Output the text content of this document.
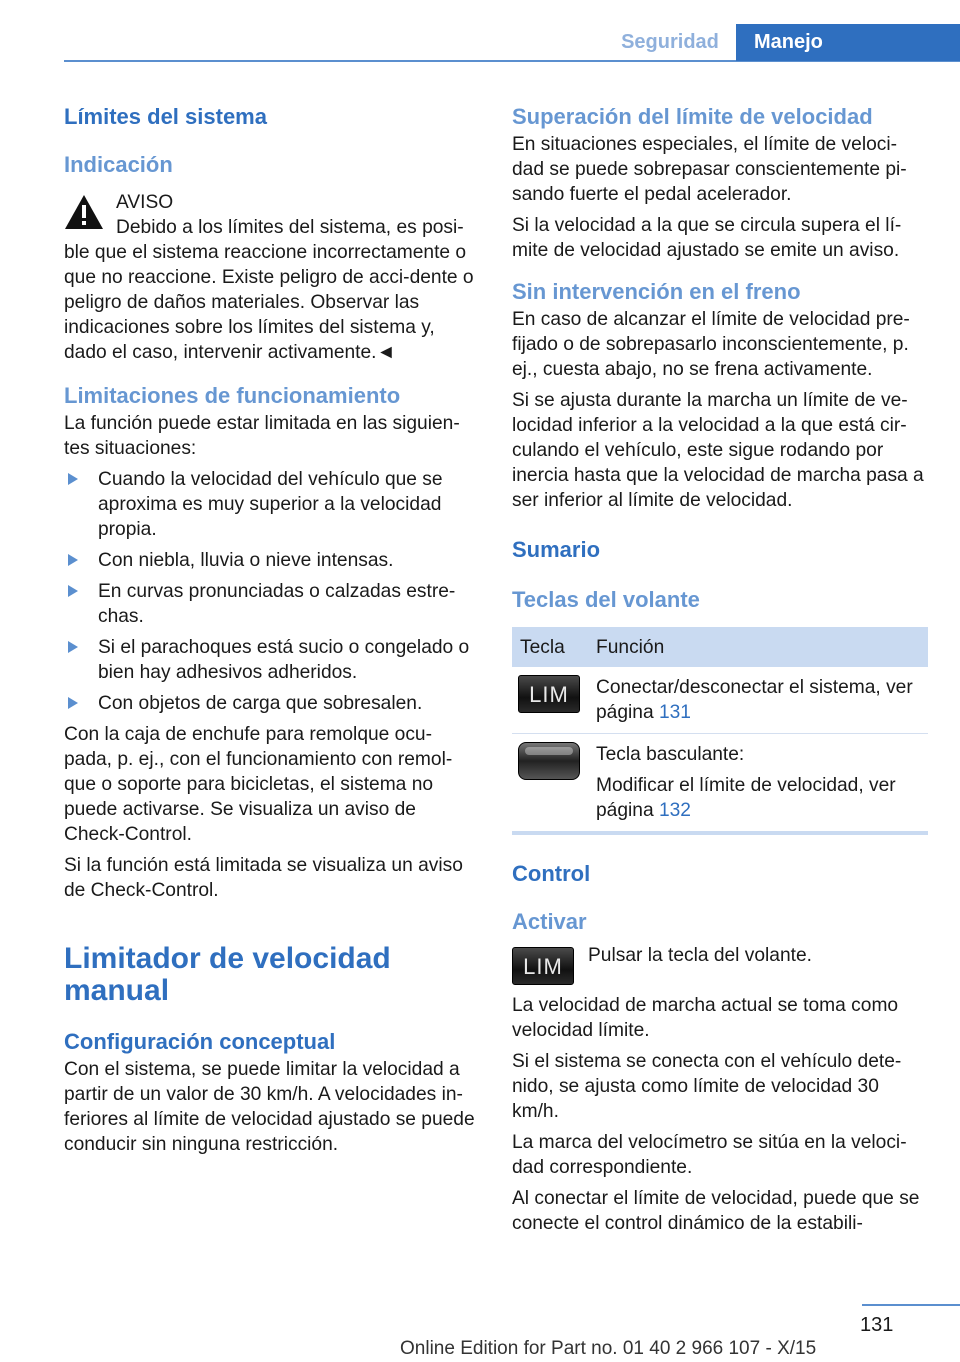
Seguridad	Manejo
Límites del sistema
Indicación
AVISO
Debido a los límites del sistema, es posi-

ble que el sistema reaccione incorrectamente o que no reaccione. Existe peligro de acci-dente o peligro de daños materiales. Observar las indicaciones sobre los límites del sistema y, dado el caso, intervenir activamente.◄

Limitaciones de funcionamiento

La función puede estar limitada en las siguien-tes situaciones:

Cuando la velocidad del vehículo que se aproxima es muy superior a la velocidad propia.
Con niebla, lluvia o nieve intensas.
En curvas pronunciadas o calzadas estre-chas.
Si el parachoques está sucio o congelado o bien hay adhesivos adheridos.
Con objetos de carga que sobresalen.

Con la caja de enchufe para remolque ocu-pada, p. ej., con el funcionamiento con remol-que o soporte para bicicletas, el sistema no puede activarse. Se visualiza un aviso de Check-Control.

Si la función está limitada se visualiza un aviso de Check-Control.

Limitador de velocidad manual
Configuración conceptual

Con el sistema, se puede limitar la velocidad a partir de un valor de 30 km/h. A velocidades in-feriores al límite de velocidad ajustado se puede conducir sin ninguna restricción.

Superación del límite de velocidad

En situaciones especiales, el límite de veloci-dad se puede sobrepasar conscientemente pi-sando fuerte el pedal acelerador.

Si la velocidad a la que se circula supera el lí-mite de velocidad ajustado se emite un aviso.

Sin intervención en el freno

En caso de alcanzar el límite de velocidad pre-fijado o de sobrepasarlo inconscientemente, p. ej., cuesta abajo, no se frena activamente.

Si se ajusta durante la marcha un límite de ve-locidad inferior a la velocidad a la que está cir-culando el vehículo, este sigue rodando por inercia hasta que la velocidad de marcha pasa a ser inferior al límite de velocidad.

Sumario
Teclas del volante
Tecla	Función
LIM	Conectar/desconectar el sistema, ver página 131

	Tecla basculante:

Modificar el límite de velocidad, ver página 132
Control
Activar
LIM	Pulsar la tecla del volante.

La velocidad de marcha actual se toma como velocidad límite.

Si el sistema se conecta con el vehículo dete-nido, se ajusta como límite de velocidad 30 km/h.

La marca del velocímetro se sitúa en la veloci-dad correspondiente.

Al conectar el límite de velocidad, puede que se conecte el control dinámico de la estabili-

131
Online Edition for Part no. 01 40 2 966 107 - X/15
